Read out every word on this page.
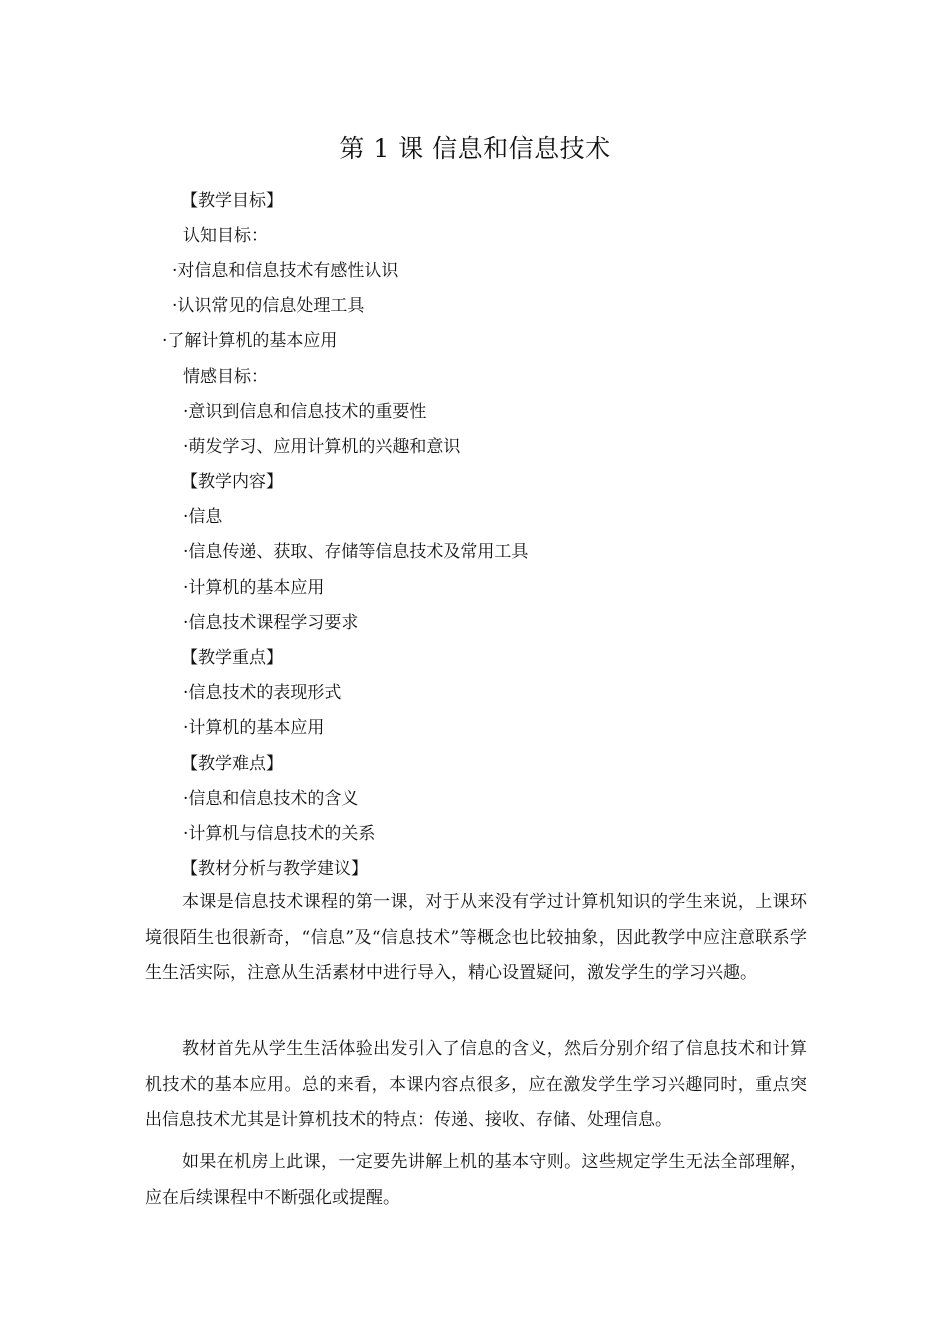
第 1 课 信息和信息技术
【教学目标】
认知目标：
·对信息和信息技术有感性认识
·认识常见的信息处理工具
·了解计算机的基本应用
情感目标：
·意识到信息和信息技术的重要性
·萌发学习、应用计算机的兴趣和意识
【教学内容】
·信息
·信息传递、获取、存储等信息技术及常用工具
·计算机的基本应用
·信息技术课程学习要求
【教学重点】
·信息技术的表现形式
·计算机的基本应用
【教学难点】
·信息和信息技术的含义
·计算机与信息技术的关系
【教材分析与教学建议】
本课是信息技术课程的第一课，对于从来没有学过计算机知识的学生来说，上课环境很陌生也很新奇，“信息”及“信息技术”等概念也比较抽象，因此教学中应注意联系学生生活实际，注意从生活素材中进行导入，精心设置疑问，激发学生的学习兴趣。
教材首先从学生生活体验出发引入了信息的含义，然后分别介绍了信息技术和计算机技术的基本应用。总的来看，本课内容点很多，应在激发学生学习兴趣同时，重点突出信息技术尤其是计算机技术的特点：传递、接收、存储、处理信息。
如果在机房上此课，一定要先讲解上机的基本守则。这些规定学生无法全部理解，应在后续课程中不断强化或提醒。
